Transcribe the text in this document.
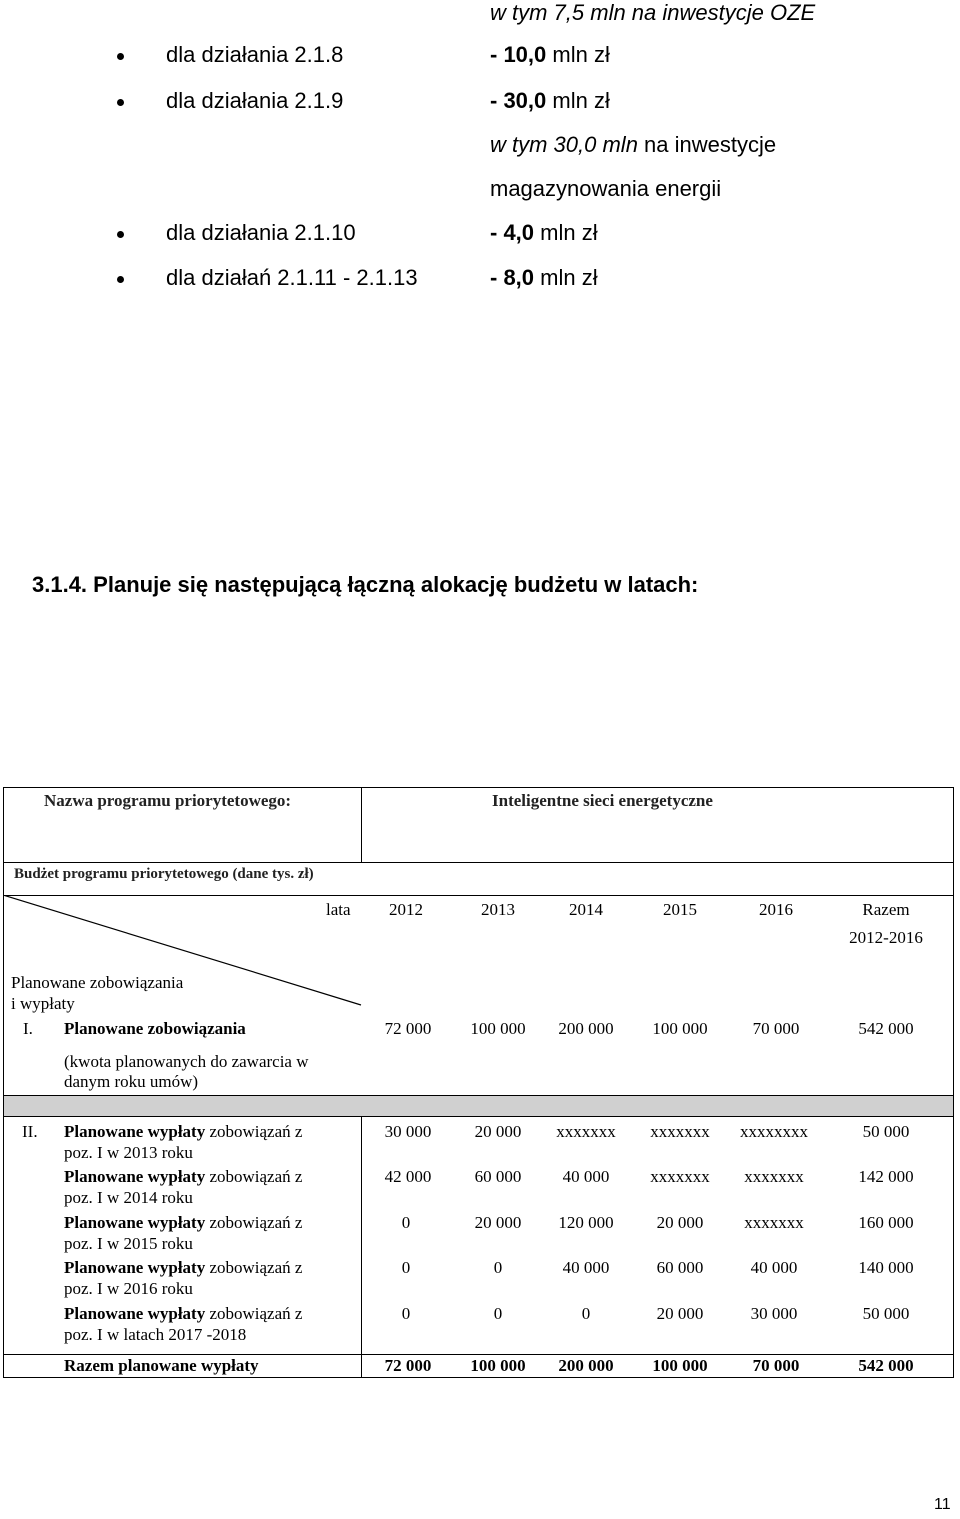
w tym 7,5 mln na inwestycje OZE
dla działania 2.1.8	- 10,0 mln zł
dla działania 2.1.9	- 30,0 mln zł
w tym 30,0 mln na inwestycje
magazynowania energii
dla działania 2.1.10	- 4,0 mln zł
dla działań 2.1.11 - 2.1.13	- 8,0 mln zł
3.1.4. Planuje się następującą łączną alokację budżetu w latach:
Nazwa programu priorytetowego:	Inteligentne sieci energetyczne
Budżet programu priorytetowego (dane tys. zł)
lata	2012	2013	2014	2015	2016	Razem
2012-2016
Planowane zobowiązania
i wypłaty
I. Planowane zobowiązania
(kwota planowanych do zawarcia w
danym roku umów)
72 000	100 000	200 000	100 000	70 000	542 000
II. Planowane wypłaty zobowiązań z
poz. I w 2013 roku
30 000	20 000	xxxxxxx	xxxxxxx	xxxxxxxx	50 000
Planowane wypłaty zobowiązań z
poz. I w 2014 roku
42 000	60 000	40 000	xxxxxxx	xxxxxxx	142 000
Planowane wypłaty zobowiązań z
poz. I w 2015 roku
0	20 000	120 000	20 000	xxxxxxx	160 000
Planowane wypłaty zobowiązań z
poz. I w 2016 roku
0	0	40 000	60 000	40 000	140 000
Planowane wypłaty zobowiązań z
poz. I w latach 2017 -2018
0	0	0	20 000	30 000	50 000
Razem planowane wypłaty	72 000	100 000	200 000	100 000	70 000	542 000
11
